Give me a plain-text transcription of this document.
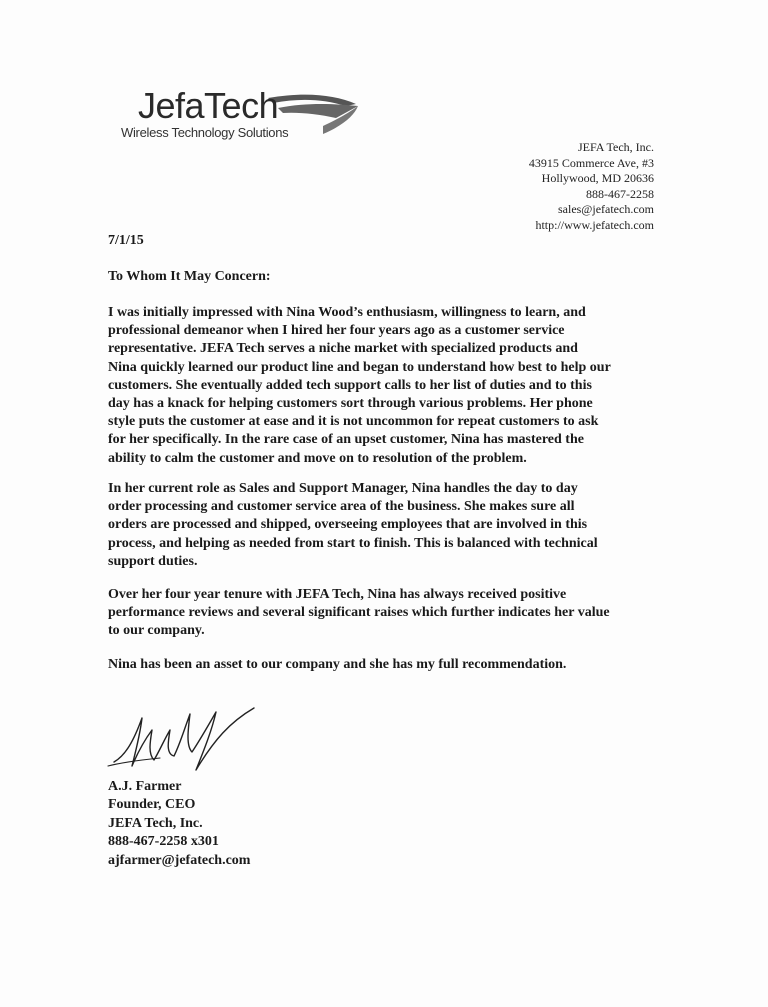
JefaTech
Wireless Technology Solutions
JEFA Tech, Inc.
43915 Commerce Ave, #3
Hollywood, MD 20636
888-467-2258
sales@jefatech.com
http://www.jefatech.com
7/1/15
To Whom It May Concern:

I was initially impressed with Nina Wood’s enthusiasm, willingness to learn, and
professional demeanor when I hired her four years ago as a customer service
representative. JEFA Tech serves a niche market with specialized products and
Nina quickly learned our product line and began to understand how best to help our
customers. She eventually added tech support calls to her list of duties and to this
day has a knack for helping customers sort through various problems. Her phone
style puts the customer at ease and it is not uncommon for repeat customers to ask
for her specifically. In the rare case of an upset customer, Nina has mastered the
ability to calm the customer and move on to resolution of the problem.

In her current role as Sales and Support Manager, Nina handles the day to day
order processing and customer service area of the business. She makes sure all
orders are processed and shipped, overseeing employees that are involved in this
process, and helping as needed from start to finish. This is balanced with technical
support duties.

Over her four year tenure with JEFA Tech, Nina has always received positive
performance reviews and several significant raises which further indicates her value
to our company.

Nina has been an asset to our company and she has my full recommendation.

A.J. Farmer
Founder, CEO
JEFA Tech, Inc.
888-467-2258 x301
ajfarmer@jefatech.com
